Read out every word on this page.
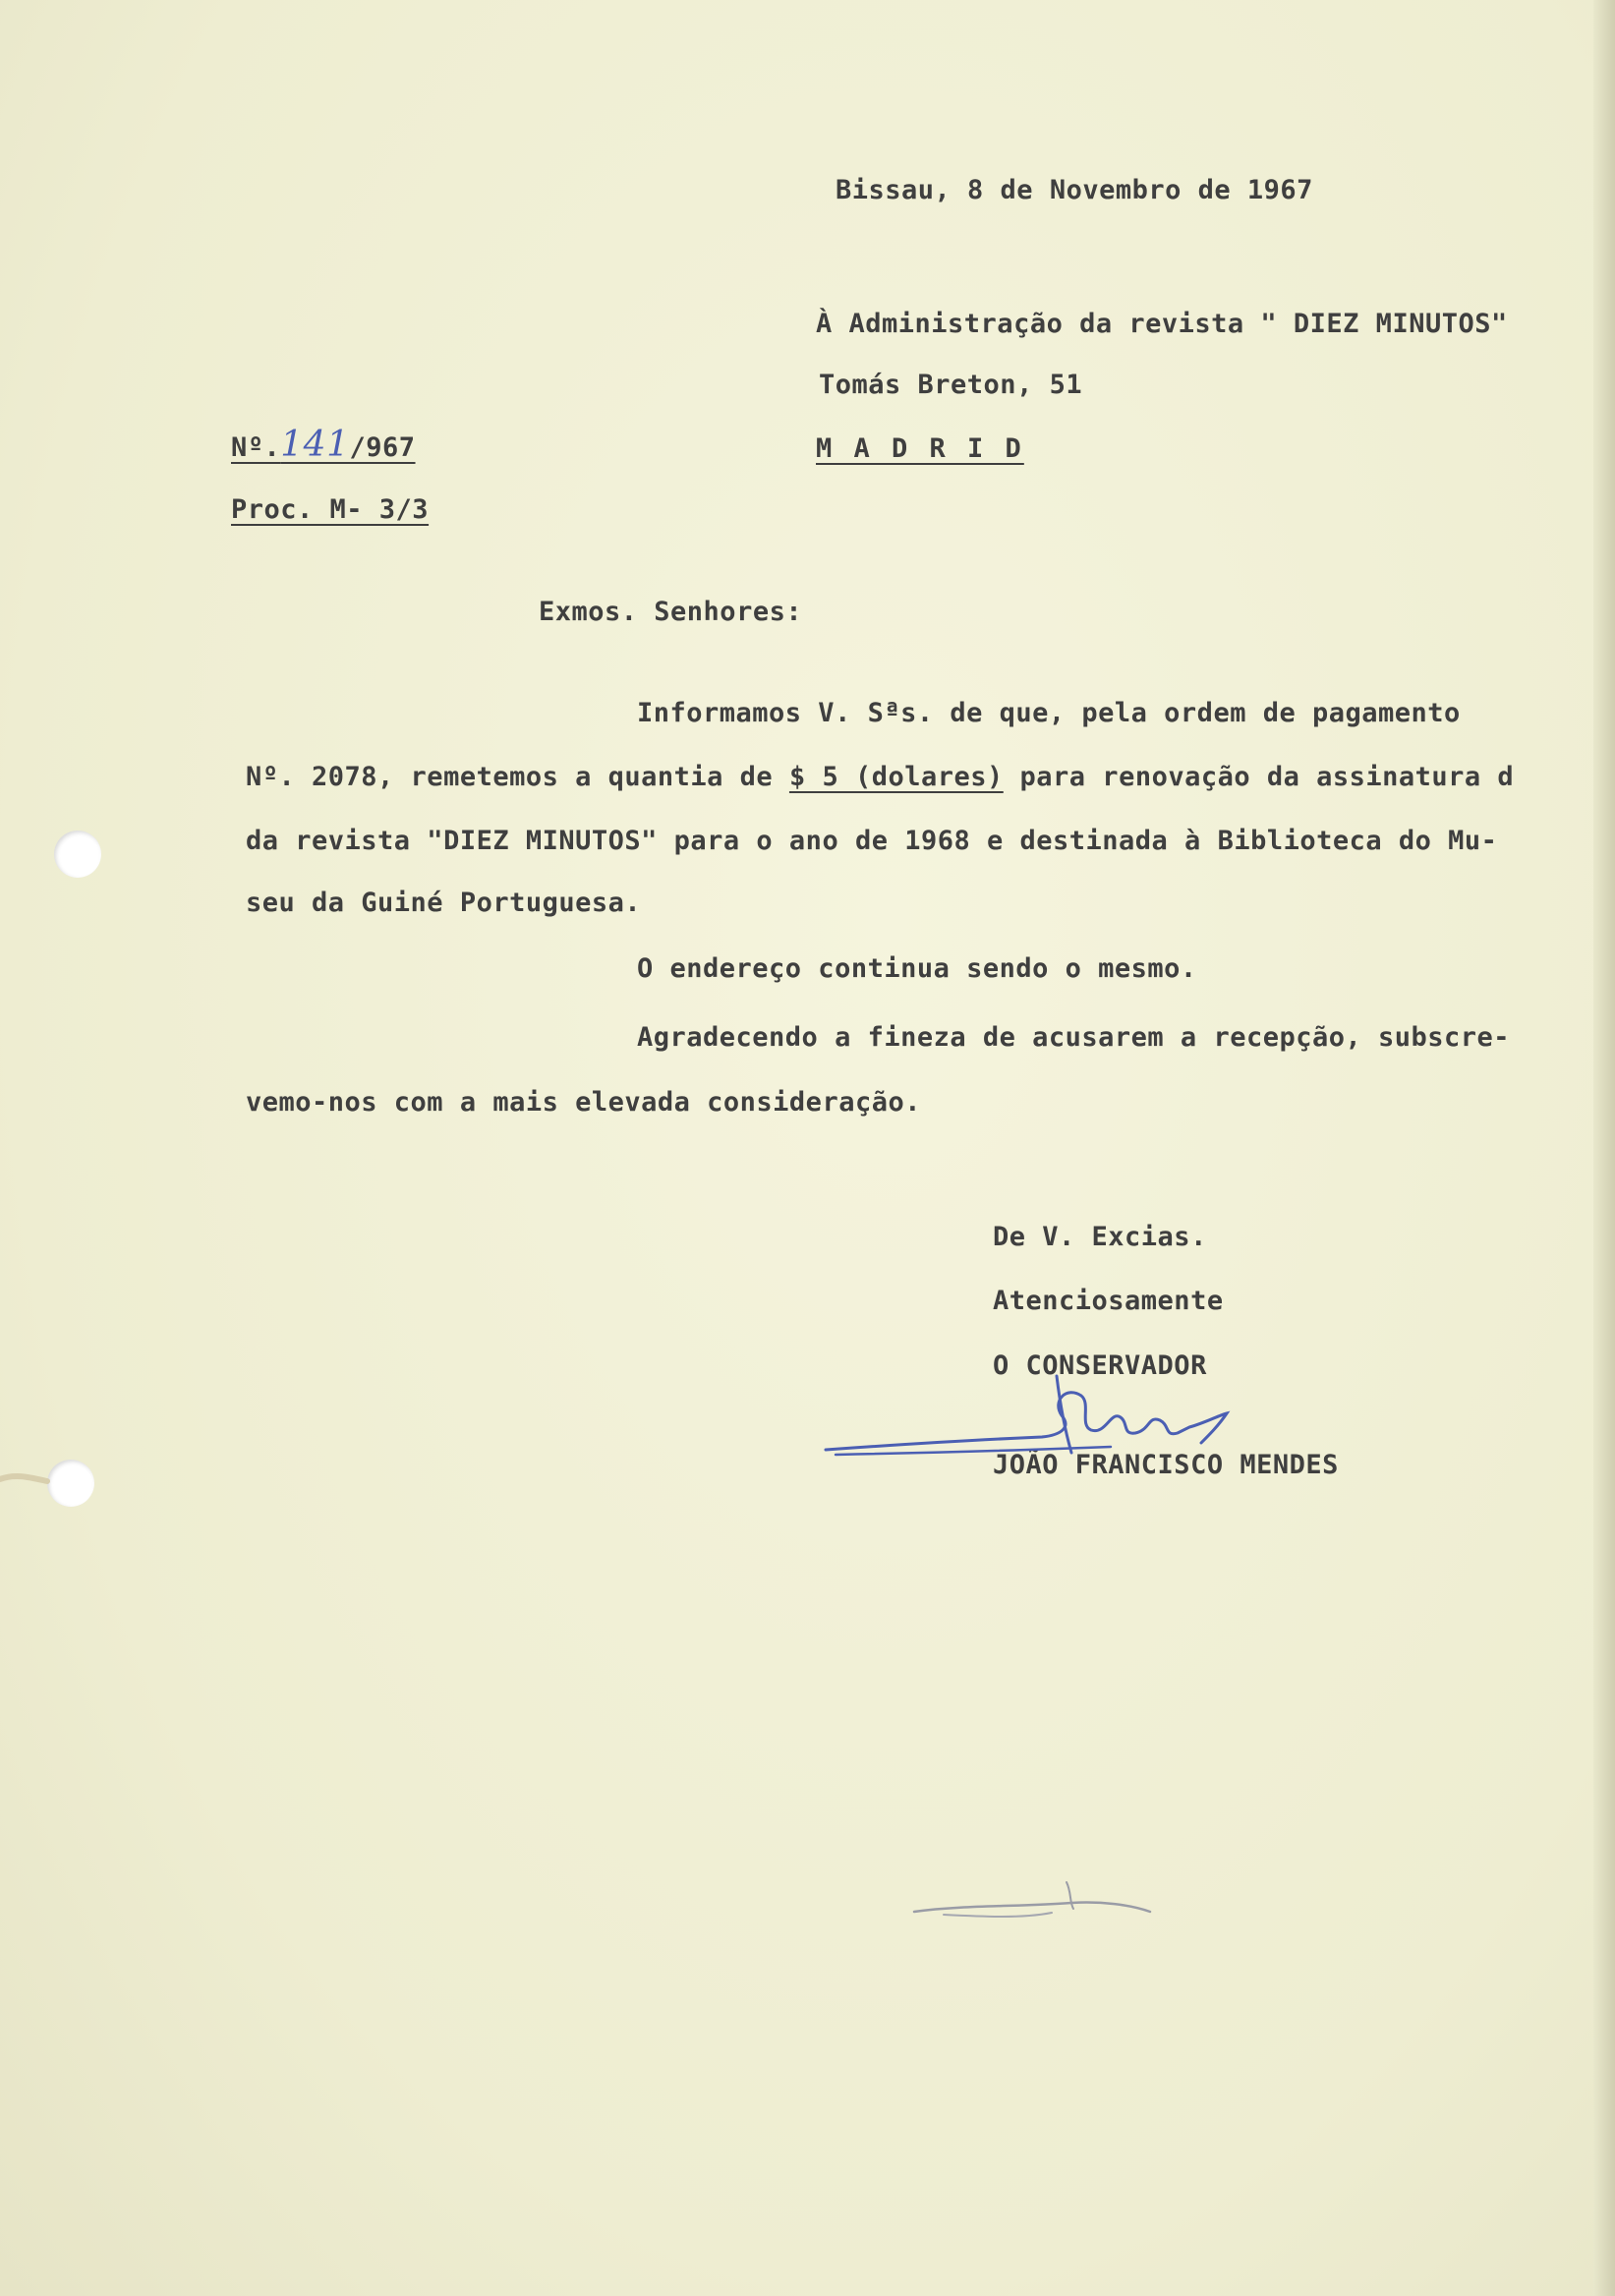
Bissau, 8 de Novembro de 1967
À Administração da revista " DIEZ MINUTOS"
Tomás Breton, 51
M A D R I D
Nº.141/967
Proc. M- 3/3
Exmos. Senhores:
Informamos V. Sªs. de que, pela ordem de pagamento
Nº. 2078, remetemos a quantia de $ 5 (dolares) para renovação da assinatura d
da revista "DIEZ MINUTOS" para o ano de 1968 e destinada à Biblioteca do Mu-
seu da Guiné Portuguesa.
O endereço continua sendo o mesmo.
Agradecendo a fineza de acusarem a recepção, subscre-
vemo-nos com a mais elevada consideração.
De V. Excias.
Atenciosamente
O CONSERVADOR
JOÃO FRANCISCO MENDES
